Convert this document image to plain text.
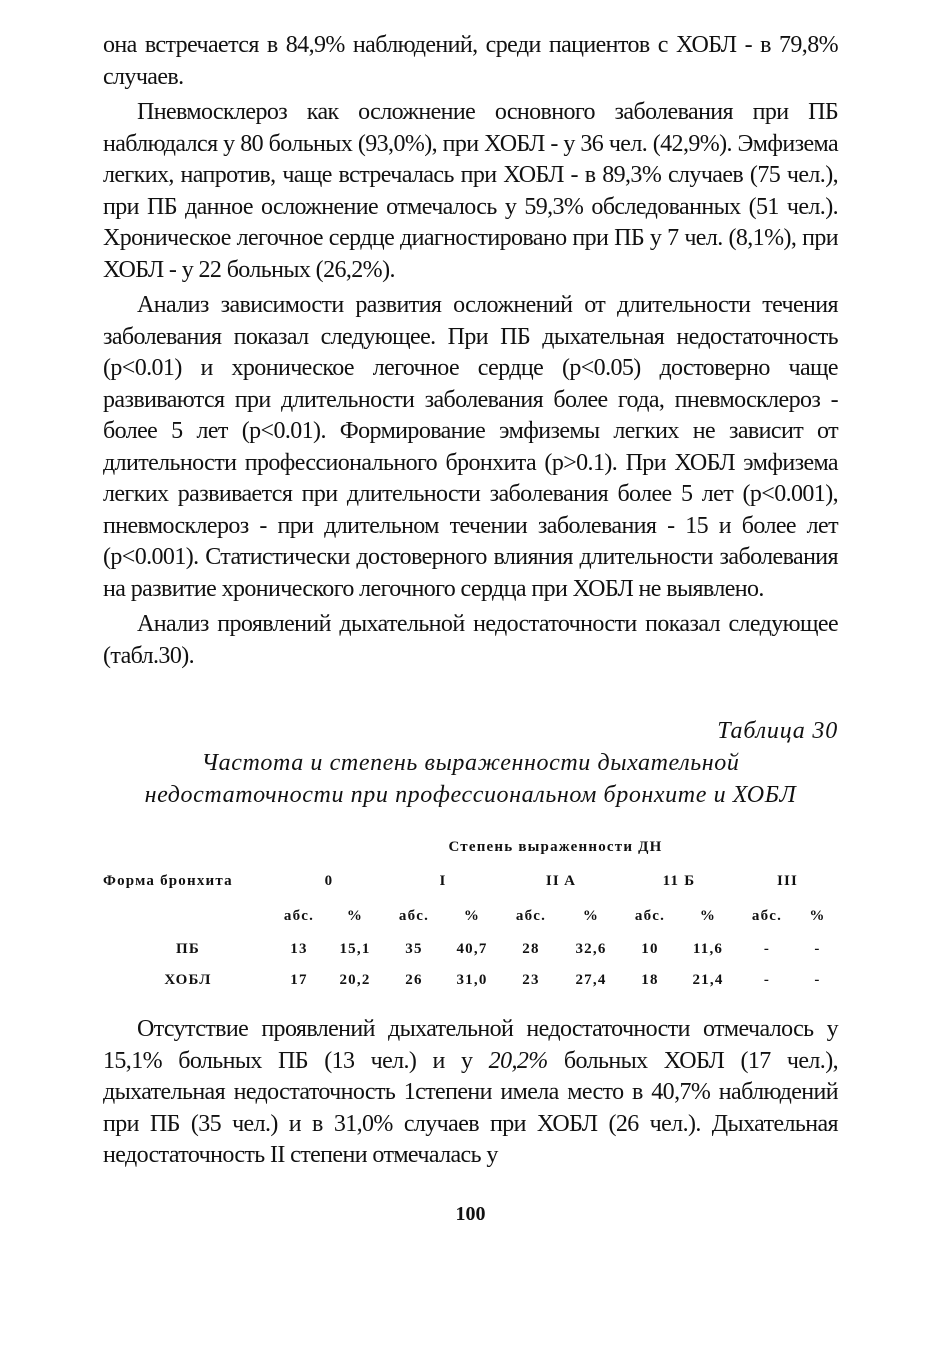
она встречается в 84,9% наблюдений, среди пациентов с ХОБЛ - в 79,8% случаев.

Пневмосклероз как осложнение основного заболевания при ПБ наблюдался у 80 больных (93,0%), при ХОБЛ - у 36 чел. (42,9%). Эмфизема легких, напротив, чаще встречалась при ХОБЛ - в 89,3% случаев (75 чел.), при ПБ данное осложнение отмечалось у 59,3% обследованных (51 чел.). Хроническое легочное сердце диагностировано при ПБ у 7 чел. (8,1%), при ХОБЛ - у 22 больных (26,2%).

Анализ зависимости развития осложнений от длительности течения заболевания показал следующее. При ПБ дыхательная недостаточность (p<0.01) и хроническое легочное сердце (p<0.05) достоверно чаще развиваются при длительности заболевания более года, пневмосклероз - более 5 лет (p<0.01). Формирование эмфиземы легких не зависит от длительности профессионального бронхита (p>0.1). При ХОБЛ эмфизема легких развивается при длительности заболевания более 5 лет (p<0.001), пневмосклероз - при длительном течении заболевания - 15 и более лет (p<0.001). Статистически достоверного влияния длительности заболевания на развитие хронического легочного сердца при ХОБЛ не выявлено.

Анализ проявлений дыхательной недостаточности показал следующее (табл.30).

Таблица 30
Частота и степень выраженности дыхательной
недостаточности при профессиональном бронхите и ХОБЛ
	Степень выраженности ДН									
Форма бронхита	0		I		II A		11 Б		III	
	абс.	%	абс.	%	абс.	%	абс.	%	абс.	%
ПБ	13	15,1	35	40,7	28	32,6	10	11,6	-	-
ХОБЛ	17	20,2	26	31,0	23	27,4	18	21,4	-	-

Отсутствие проявлений дыхательной недостаточности отмечалось у 15,1% больных ПБ (13 чел.) и у 20,2% больных ХОБЛ (17 чел.), дыхательная недостаточность 1степени имела место в 40,7% наблюдений при ПБ (35 чел.) и в 31,0% случаев при ХОБЛ (26 чел.). Дыхательная недостаточность II степени отмечалась у

100
